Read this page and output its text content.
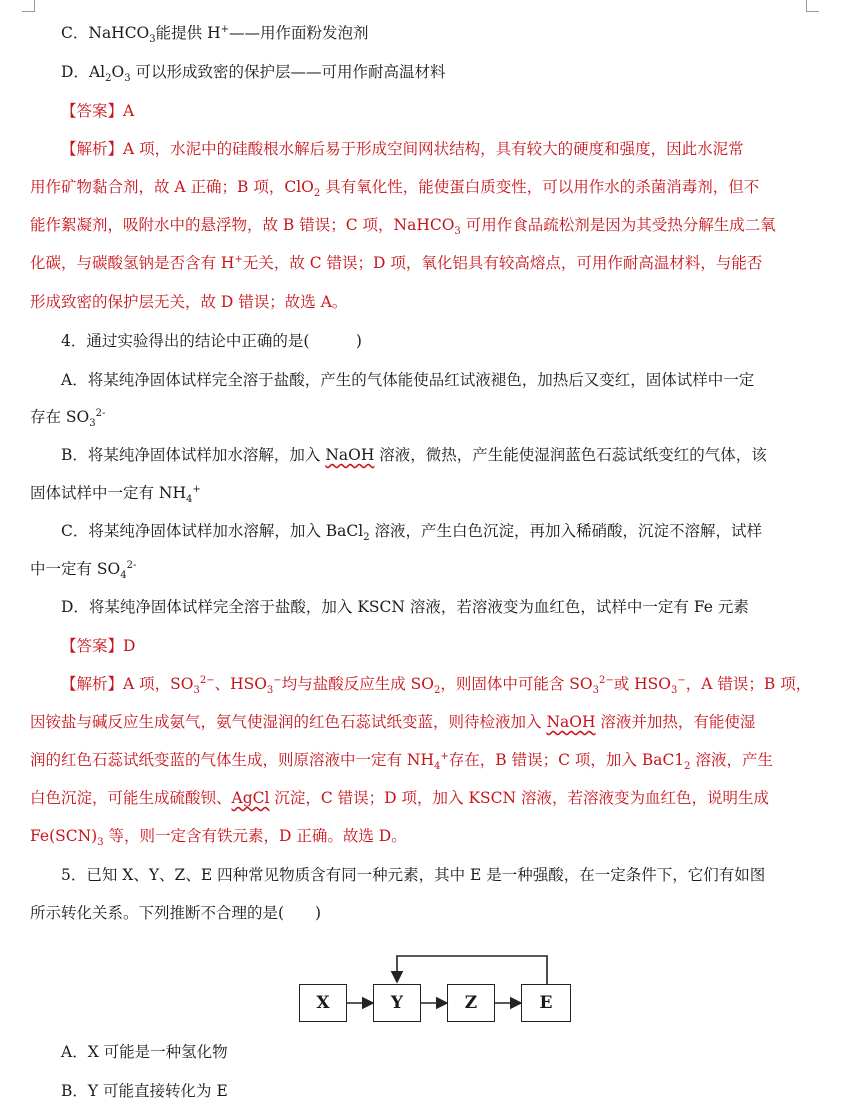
C．NaHCO$_3$能提供 H+——用作面粉发泡剂
D．$Al_2O_3$ 可以形成致密的保护层——可用作耐高温材料
【答案】A
【解析】A 项，水泥中的硅酸根水解后易于形成空间网状结构，具有较大的硬度和强度，因此水泥常
用作矿物黏合剂，故 A 正确；B 项，ClO$_2$ 具有氧化性，能使蛋白质变性，可以用作水的杀菌消毒剂，但不
能作絮凝剂，吸附水中的悬浮物，故 B 错误；C 项，NaHCO$_3$ 可用作食品疏松剂是因为其受热分解生成二氧
化碳，与碳酸氢钠是否含有 H+无关，故 C 错误；D 项，氧化铝具有较高熔点，可用作耐高温材料，与能否
形成致密的保护层无关，故 D 错误；故选 A。
4．通过实验得出的结论中正确的是(　　　)
A．将某纯净固体试样完全溶于盐酸，产生的气体能使品红试液褪色，加热后又变红，固体试样中一定
存在 $SO_3^{2-}$
B．将某纯净固体试样加水溶解，加入 NaOH 溶液，微热，产生能使湿润蓝色石蕊试纸变红的气体，该
固体试样中一定有 $NH_4^+$
C．将某纯净固体试样加水溶解，加入 BaCl$_2$ 溶液，产生白色沉淀，再加入稀硝酸，沉淀不溶解，试样
中一定有 $SO_4^{2-}$
D．将某纯净固体试样完全溶于盐酸，加入 KSCN 溶液，若溶液变为血红色，试样中一定有 Fe 元素
【答案】D
【解析】A 项，$SO_3^{2-}$、$HSO_3^-$均与盐酸反应生成 $SO_2$，则固体中可能含 $SO_3^{2-}$或 $HSO_3^-$，A 错误；B 项，
因铵盐与碱反应生成氨气，氨气使湿润的红色石蕊试纸变蓝，则待检液加入 NaOH 溶液并加热，有能使湿
润的红色石蕊试纸变蓝的气体生成，则原溶液中一定有 $NH_4^+$存在，B 错误；C 项，加入 $BaC1_2$ 溶液，产生
白色沉淀，可能生成硫酸钡、AgCl 沉淀，C 错误；D 项，加入 KSCN 溶液，若溶液变为血红色，说明生成
$Fe(SCN)_3$ 等，则一定含有铁元素，D 正确。故选 D。
5．已知 X、Y、Z、E 四种常见物质含有同一种元素，其中 E 是一种强酸，在一定条件下，它们有如图
所示转化关系。下列推断不合理的是(　　)
X	Y	Z	E
A．X 可能是一种氢化物
B．Y 可能直接转化为 E
